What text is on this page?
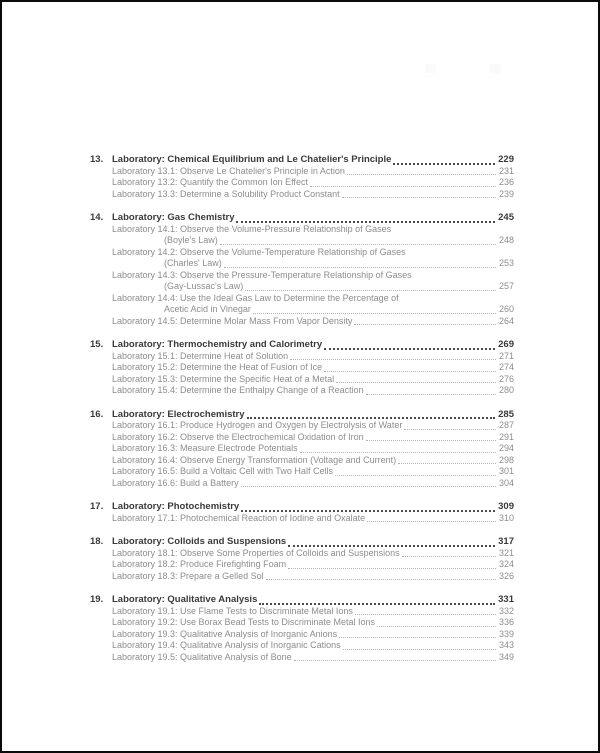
13. Laboratory: Chemical Equilibrium and Le Chatelier's Principle	229
Laboratory 13.1: Observe Le Chatelier's Principle in Action	231
Laboratory 13.2: Quantify the Common Ion Effect	236
Laboratory 13.3: Determine a Solubility Product Constant	239
14. Laboratory: Gas Chemistry	245
Laboratory 14.1: Observe the Volume-Pressure Relationship of Gases
(Boyle's Law)	248
Laboratory 14.2: Observe the Volume-Temperature Relationship of Gases
(Charles' Law)	253
Laboratory 14.3: Observe the Pressure-Temperature Relationship of Gases
(Gay-Lussac's Law)	257
Laboratory 14.4: Use the Ideal Gas Law to Determine the Percentage of
Acetic Acid in Vinegar	260
Laboratory 14.5: Determine Molar Mass From Vapor Density	264
15. Laboratory: Thermochemistry and Calorimetry	269
Laboratory 15.1: Determine Heat of Solution	271
Laboratory 15.2: Determine the Heat of Fusion of Ice	274
Laboratory 15.3: Determine the Specific Heat of a Metal	276
Laboratory 15.4: Determine the Enthalpy Change of a Reaction	280
16. Laboratory: Electrochemistry	285
Laboratory 16.1: Produce Hydrogen and Oxygen by Electrolysis of Water	287
Laboratory 16.2: Observe the Electrochemical Oxidation of Iron	291
Laboratory 16.3: Measure Electrode Potentials	294
Laboratory 16.4: Observe Energy Transformation (Voltage and Current)	298
Laboratory 16.5: Build a Voltaic Cell with Two Half Cells	301
Laboratory 16.6: Build a Battery	304
17. Laboratory: Photochemistry	309
Laboratory 17.1: Photochemical Reaction of Iodine and Oxalate	310
18. Laboratory: Colloids and Suspensions	317
Laboratory 18.1: Observe Some Properties of Colloids and Suspensions	321
Laboratory 18.2: Produce Firefighting Foam	324
Laboratory 18.3: Prepare a Gelled Sol	326
19. Laboratory: Qualitative Analysis	331
Laboratory 19.1: Use Flame Tests to Discriminate Metal Ions	332
Laboratory 19.2: Use Borax Bead Tests to Discriminate Metal Ions	336
Laboratory 19.3: Qualitative Analysis of Inorganic Anions	339
Laboratory 19.4: Qualitative Analysis of Inorganic Cations	343
Laboratory 19.5: Qualitative Analysis of Bone	349
